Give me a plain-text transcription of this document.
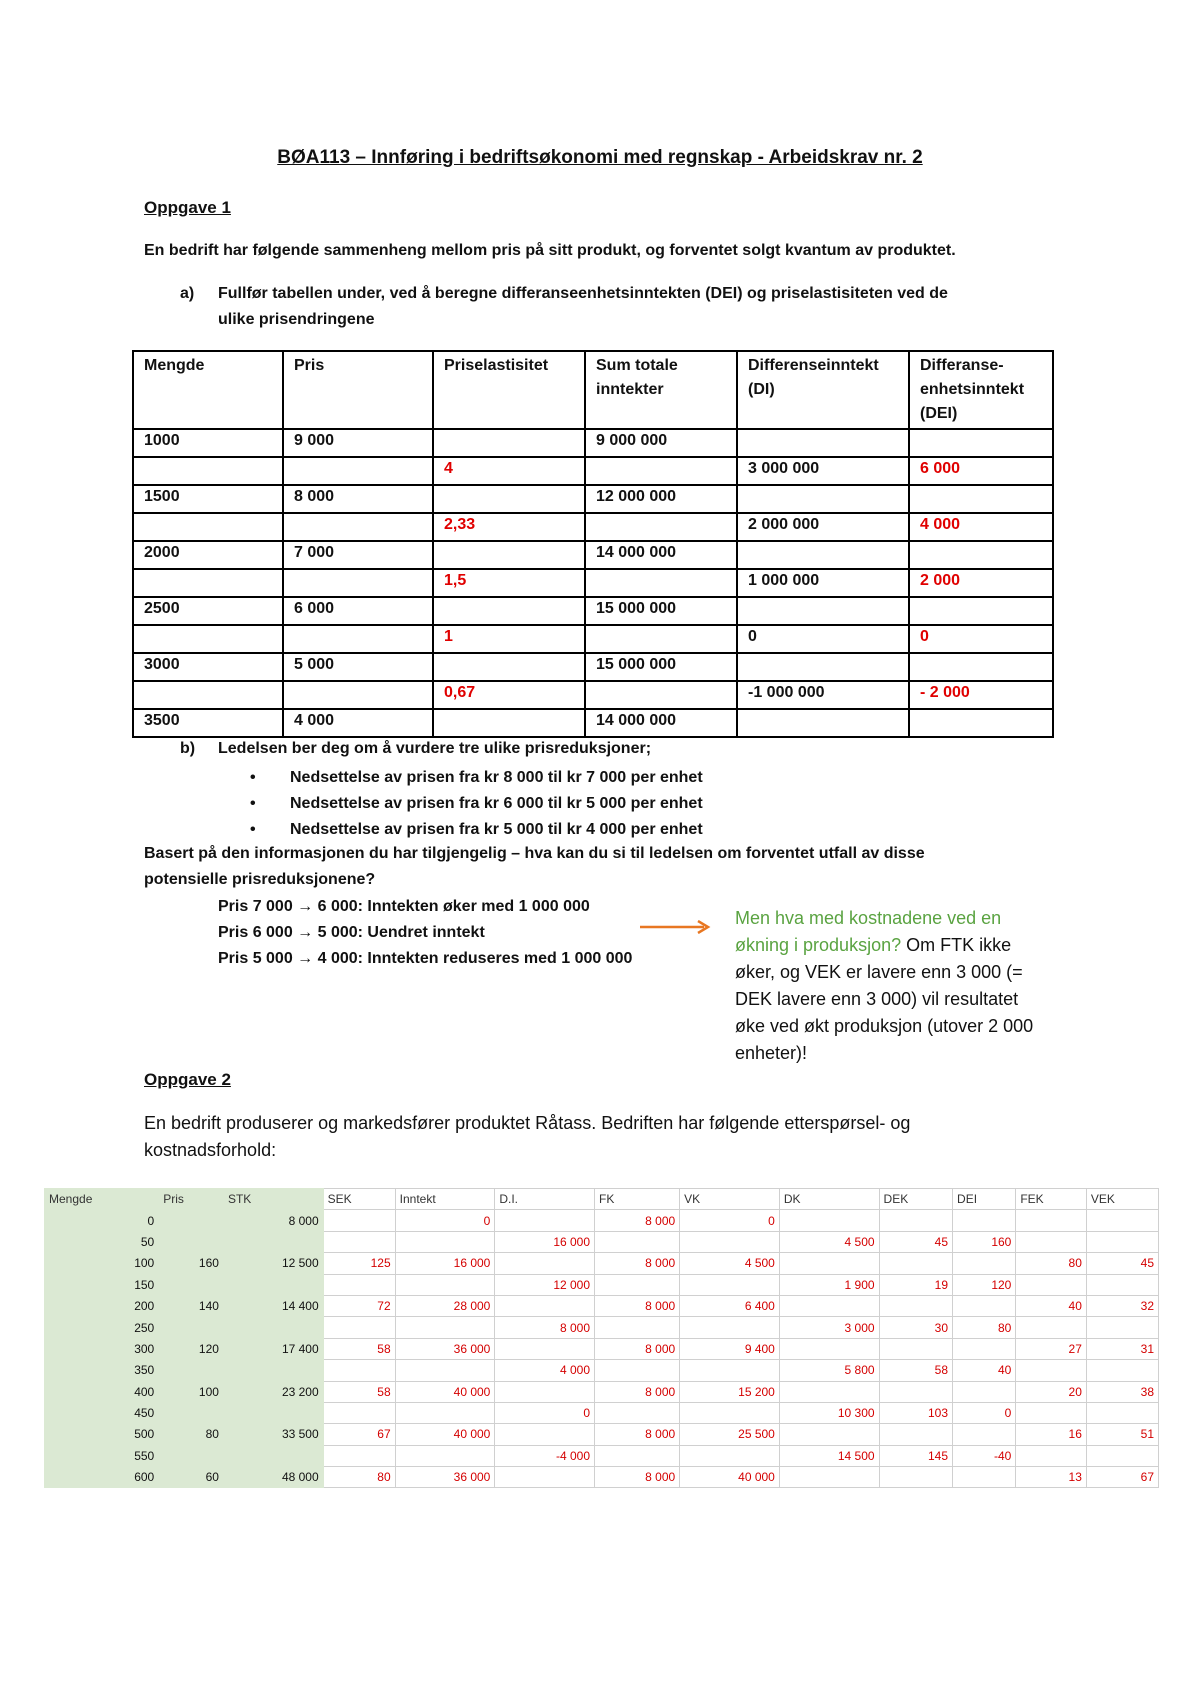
BØA113 – Innføring i bedriftsøkonomi med regnskap - Arbeidskrav nr. 2
Oppgave 1
En bedrift har følgende sammenheng mellom pris på sitt produkt, og forventet solgt kvantum av produktet.
a) Fullfør tabellen under, ved å beregne differanseenhetsinntekten (DEI) og priselastisiteten ved de
ulike prisendringene
Mengde	Pris	Priselastisitet	Sum totale inntekter	Differenseinntekt (DI)	Differanse-enhetsinntekt (DEI)
1000	9 000		9 000 000		
		4		3 000 000	6 000
1500	8 000		12 000 000		
		2,33		2 000 000	4 000
2000	7 000		14 000 000		
		1,5		1 000 000	2 000
2500	6 000		15 000 000		
		1		0	0
3000	5 000		15 000 000		
		0,67		-1 000 000	- 2 000
3500	4 000		14 000 000		
b) Ledelsen ber deg om å vurdere tre ulike prisreduksjoner;
• Nedsettelse av prisen fra kr 8 000 til kr 7 000 per enhet
• Nedsettelse av prisen fra kr 6 000 til kr 5 000 per enhet
• Nedsettelse av prisen fra kr 5 000 til kr 4 000 per enhet
Basert på den informasjonen du har tilgjengelig – hva kan du si til ledelsen om forventet utfall av disse
potensielle prisreduksjonene?
Pris 7 000 → 6 000: Inntekten øker med 1 000 000
Pris 6 000 → 5 000: Uendret inntekt
Pris 5 000 → 4 000: Inntekten reduseres med 1 000 000
Men hva med kostnadene ved en økning i produksjon? Om FTK ikke øker, og VEK er lavere enn 3 000 (= DEK lavere enn 3 000) vil resultatet øke ved økt produksjon (utover 2 000 enheter)!
Oppgave 2
En bedrift produserer og markedsfører produktet Råtass. Bedriften har følgende etterspørsel- og
kostnadsforhold:
Mengde	Pris	STK	SEK	Inntekt	D.I.	FK	VK	DK	DEK	DEI	FEK	VEK
0		8 000		0		8 000	0					
50					16 000			4 500	45	160		
100	160	12 500	125	16 000		8 000	4 500				80	45
150					12 000			1 900	19	120		
200	140	14 400	72	28 000		8 000	6 400				40	32
250					8 000			3 000	30	80		
300	120	17 400	58	36 000		8 000	9 400				27	31
350					4 000			5 800	58	40		
400	100	23 200	58	40 000		8 000	15 200				20	38
450					0			10 300	103	0		
500	80	33 500	67	40 000		8 000	25 500				16	51
550					-4 000			14 500	145	-40		
600	60	48 000	80	36 000		8 000	40 000				13	67
